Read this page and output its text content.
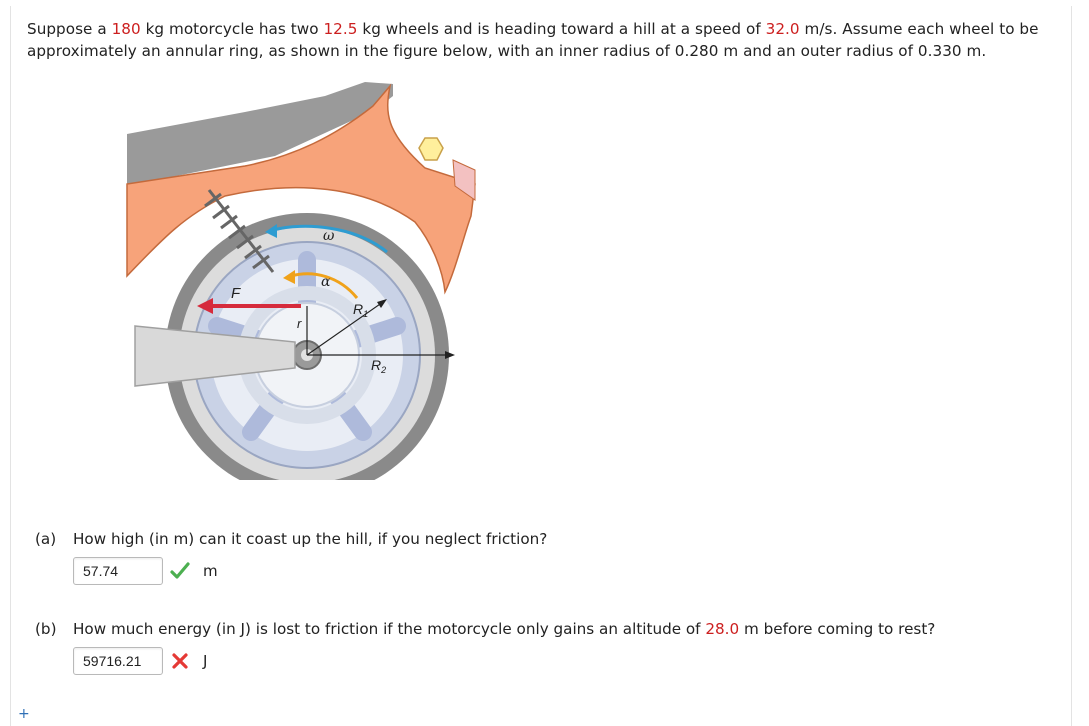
Suppose a 180 kg motorcycle has two 12.5 kg wheels and is heading toward a hill at a speed of 32.0 m/s. Assume each wheel to be approximately an annular ring, as shown in the figure below, with an inner radius of 0.280 m and an outer radius of 0.330 m.
ω
α
F
r
$R_1$
$R_2$
(a) How high (in m) can it coast up the hill, if you neglect friction?
57.74
m
(b) How much energy (in J) is lost to friction if the motorcycle only gains an altitude of 28.0 m before coming to rest?
59716.21
J
+
